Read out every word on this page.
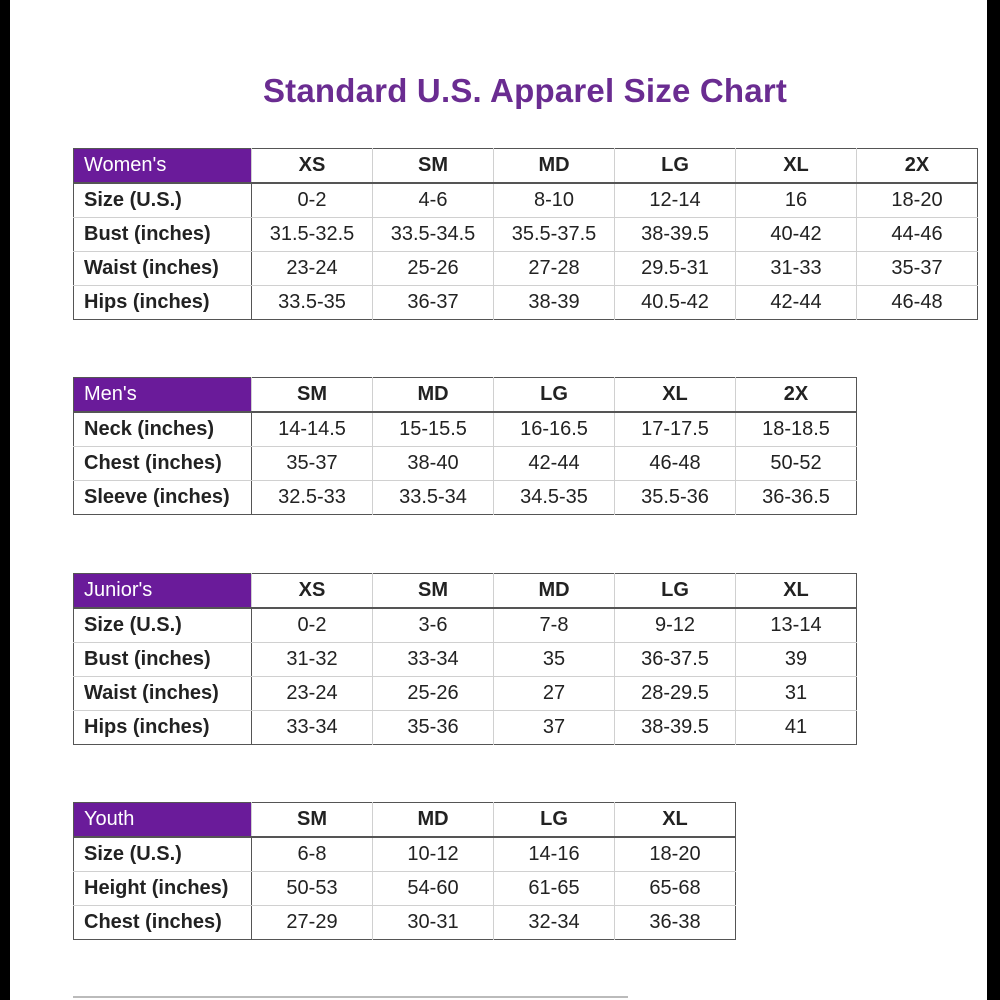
Standard U.S. Apparel Size Chart
Women's	XS	SM	MD	LG	XL	2X
Size (U.S.)	0-2	4-6	8-10	12-14	16	18-20
Bust (inches)	31.5-32.5	33.5-34.5	35.5-37.5	38-39.5	40-42	44-46
Waist (inches)	23-24	25-26	27-28	29.5-31	31-33	35-37
Hips (inches)	33.5-35	36-37	38-39	40.5-42	42-44	46-48
Men's	SM	MD	LG	XL	2X
Neck (inches)	14-14.5	15-15.5	16-16.5	17-17.5	18-18.5
Chest (inches)	35-37	38-40	42-44	46-48	50-52
Sleeve (inches)	32.5-33	33.5-34	34.5-35	35.5-36	36-36.5
Junior's	XS	SM	MD	LG	XL
Size (U.S.)	0-2	3-6	7-8	9-12	13-14
Bust (inches)	31-32	33-34	35	36-37.5	39
Waist (inches)	23-24	25-26	27	28-29.5	31
Hips (inches)	33-34	35-36	37	38-39.5	41
Youth	SM	MD	LG	XL
Size (U.S.)	6-8	10-12	14-16	18-20
Height (inches)	50-53	54-60	61-65	65-68
Chest (inches)	27-29	30-31	32-34	36-38
